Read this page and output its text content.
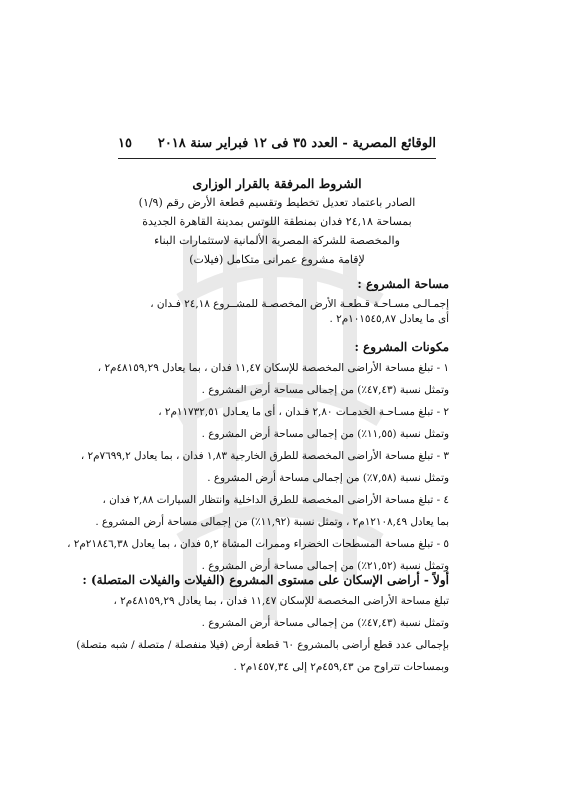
الوقائع المصرية - العدد ٣٥ فى ١٢ فبراير سنة ٢٠١٨
١٥
الشروط المرفقة بالقرار الوزارى
الصادر باعتماد تعديل تخطيط وتقسيم قطعة الأرض رقم (١/٩)
بمساحة ٢٤,١٨ فدان بمنطقة اللوتس بمدينة القاهرة الجديدة
والمخصصة للشركة المصرية الألمانية لاستثمارات البناء
لإقامة مشروع عمرانى متكامل (فيلات)
مساحة المشروع :
إجمـالـى مسـاحـة قـطعـة الأرض المخصصـة للمشــروع ٢٤,١٨ فـدان ،
أى ما يعادل ١٠١٥٤٥,٨٧م٢ .
مكونات المشروع :
١ - تبلغ مساحة الأراضى المخصصة للإسكان ١١,٤٧ فدان ، بما يعادل ٤٨١٥٩,٢٩م٢ ،
وتمثل نسبة (٤٧,٤٣٪) من إجمالى مساحة أرض المشروع .
٢ - تبلغ مسـاحـة الخدمـات ٢,٨٠ فـدان ، أى ما يعـادل ١١٧٣٢,٥١م٢ ،
وتمثل نسبة (١١,٥٥٪) من إجمالى مساحة أرض المشروع .
٣ - تبلغ مساحة الأراضى المخصصة للطرق الخارجية ١,٨٣ فدان ، بما يعادل ٧٦٩٩,٢م٢ ،
وتمثل نسبة (٧,٥٨٪) من إجمالى مساحة أرض المشروع .
٤ - تبلغ مساحة الأراضى المخصصة للطرق الداخلية وانتظار السيارات ٢,٨٨ فدان ،
بما يعادل ١٢١٠٨,٤٩م٢ ، وتمثل نسبة (١١,٩٢٪) من إجمالى مساحة أرض المشروع .
٥ - تبلغ مساحة المسطحات الخضراء وممرات المشاة ٥,٢ فدان ، بما يعادل ٢١٨٤٦,٣٨م٢ ،
وتمثل نسبة (٢١,٥٢٪) من إجمالى مساحة أرض المشروع .
أولاً - أراضى الإسكان على مستوى المشروع (الفيلات والفيلات المتصلة) :
تبلغ مساحة الأراضى المخصصة للإسكان ١١,٤٧ فدان ، بما يعادل ٤٨١٥٩,٢٩م٢ ،
وتمثل نسبة (٤٧,٤٣٪) من إجمالى مساحة أرض المشروع .
بإجمالى عدد قطع أراضى بالمشروع ٦٠ قطعة أرض (فيلا منفصلة / متصلة / شبه متصلة)
وبمساحات تتراوح من ٤٥٩,٤٣م٢ إلى ١٤٥٧,٣٤م٢ .
